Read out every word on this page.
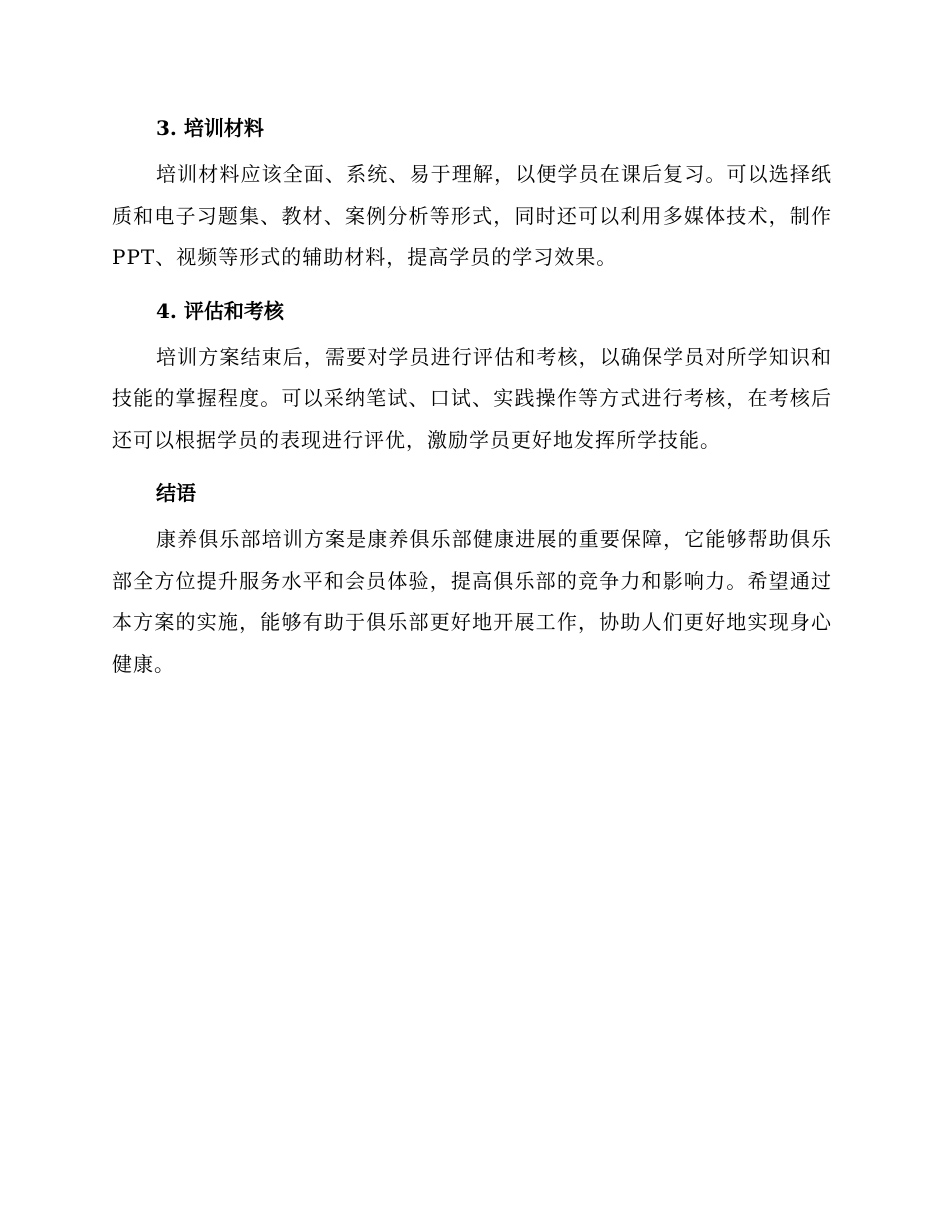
3. 培训材料

培训材料应该全面、系统、易于理解，以便学员在课后复习。可以选择纸质和电子习题集、教材、案例分析等形式，同时还可以利用多媒体技术，制作 PPT、视频等形式的辅助材料，提高学员的学习效果。

4. 评估和考核

培训方案结束后，需要对学员进行评估和考核，以确保学员对所学知识和技能的掌握程度。可以采纳笔试、口试、实践操作等方式进行考核，在考核后还可以根据学员的表现进行评优，激励学员更好地发挥所学技能。

结语

康养俱乐部培训方案是康养俱乐部健康进展的重要保障，它能够帮助俱乐部全方位提升服务水平和会员体验，提高俱乐部的竞争力和影响力。希望通过本方案的实施，能够有助于俱乐部更好地开展工作，协助人们更好地实现身心健康。
